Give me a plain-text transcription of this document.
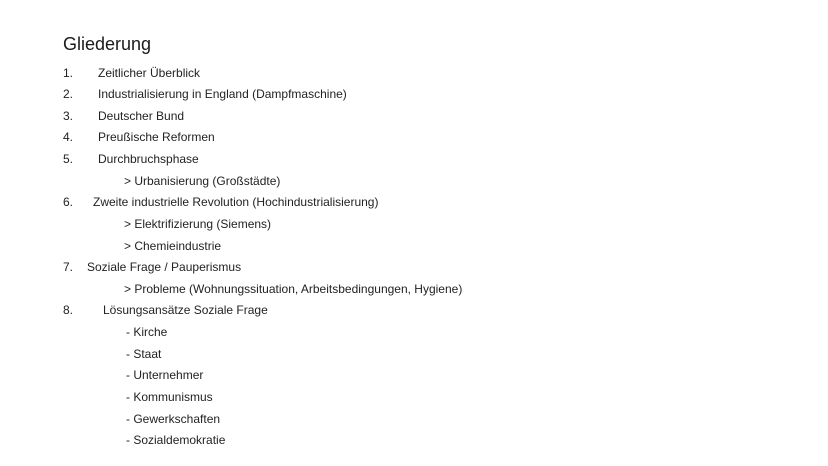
Gliederung
1. Zeitlicher Überblick
2. Industrialisierung in England (Dampfmaschine)
3. Deutscher Bund
4. Preußische Reformen
5. Durchbruchsphase
> Urbanisierung (Großstädte)
6. Zweite industrielle Revolution (Hochindustrialisierung)
> Elektrifizierung (Siemens)
> Chemieindustrie
7. Soziale Frage / Pauperismus
> Probleme (Wohnungssituation, Arbeitsbedingungen, Hygiene)
8. Lösungsansätze Soziale Frage
- Kirche
- Staat
- Unternehmer
- Kommunismus
- Gewerkschaften
- Sozialdemokratie
